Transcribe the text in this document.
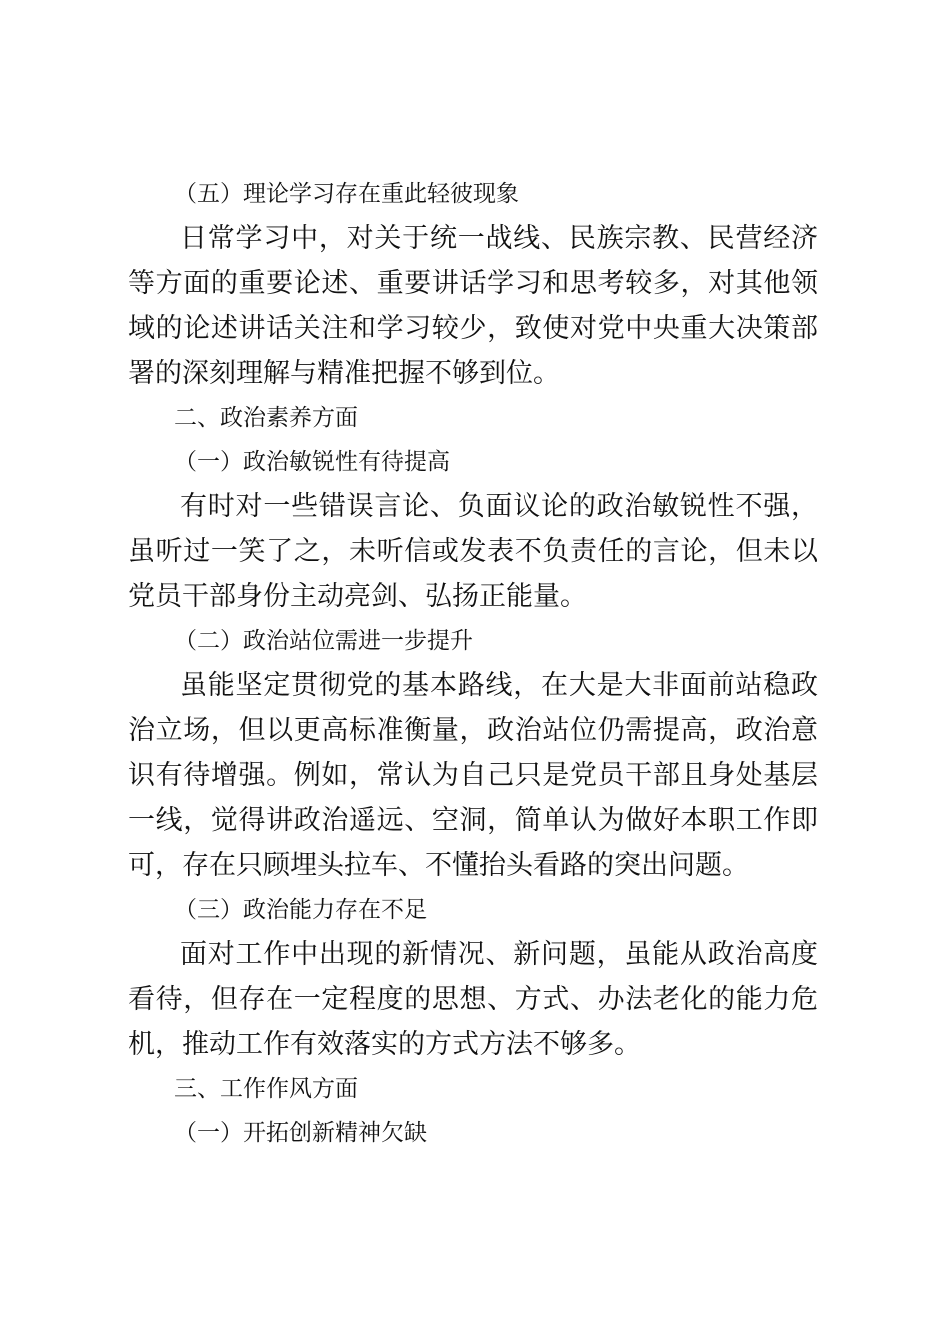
（五）理论学习存在重此轻彼现象

日常学习中，对关于统一战线、民族宗教、民营经济等方面的重要论述、重要讲话学习和思考较多，对其他领域的论述讲话关注和学习较少，致使对党中央重大决策部署的深刻理解与精准把握不够到位。

二、政治素养方面
（一）政治敏锐性有待提高

有时对一些错误言论、负面议论的政治敏锐性不强，虽听过一笑了之，未听信或发表不负责任的言论，但未以党员干部身份主动亮剑、弘扬正能量。

（二）政治站位需进一步提升

虽能坚定贯彻党的基本路线，在大是大非面前站稳政治立场，但以更高标准衡量，政治站位仍需提高，政治意识有待增强。例如，常认为自己只是党员干部且身处基层一线，觉得讲政治遥远、空洞，简单认为做好本职工作即可，存在只顾埋头拉车、不懂抬头看路的突出问题。

（三）政治能力存在不足

面对工作中出现的新情况、新问题，虽能从政治高度看待，但存在一定程度的思想、方式、办法老化的能力危机，推动工作有效落实的方式方法不够多。

三、工作作风方面
（一）开拓创新精神欠缺
